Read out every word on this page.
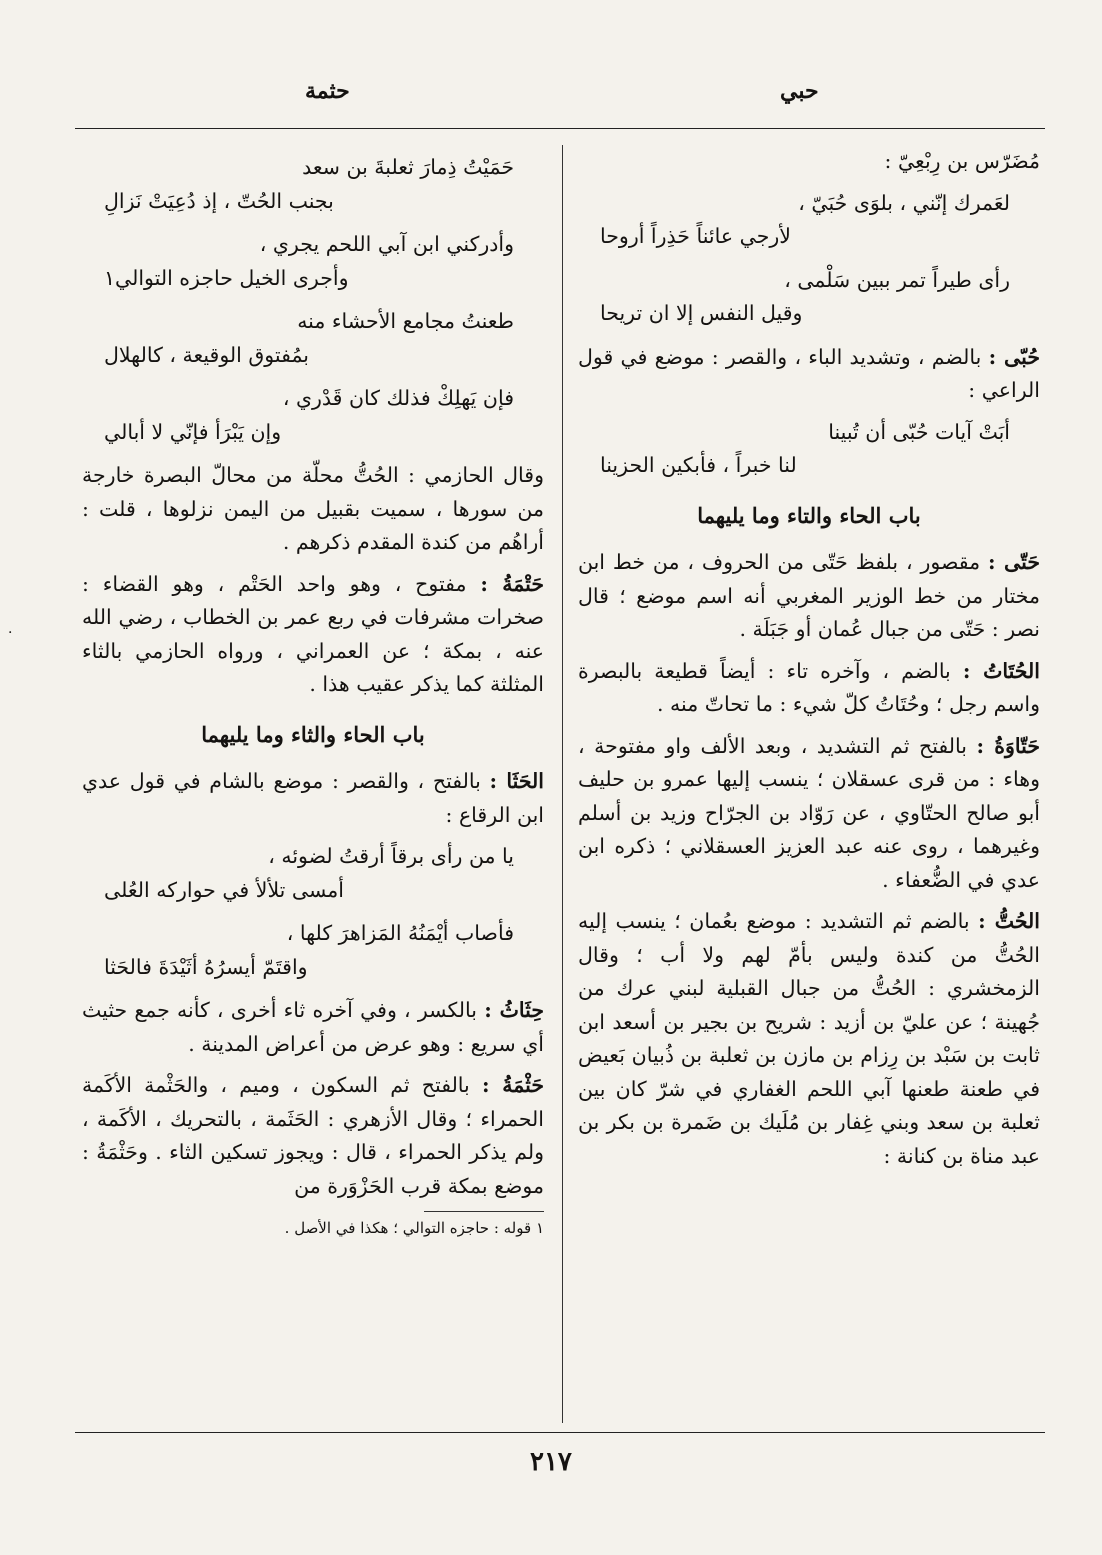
حثمة	حبي

مُضَرّس بن رِبْعِيّ :

لعَمرك إنّني ، بلوَى حُبَيّ ،
لأرجي عائناً حَذِراً أروحا
رأى طيراً تمر ببين سَلْمى ،
وقيل النفس إلا ان تريحا

حُبّى : بالضم ، وتشديد الباء ، والقصر : موضع في قول الراعي :

أبَتْ آيات حُبّى أن تُبينا
لنا خبراً ، فأبكين الحزينا
باب الحاء والتاء وما يليهما

حَتّى : مقصور ، بلفظ حَتّى من الحروف ، من خط ابن مختار من خط الوزير المغربي أنه اسم موضع ؛ قال نصر : حَتّى من جبال عُمان أو جَبَلَة .

الحُتَاتُ : بالضم ، وآخره تاء : أيضاً قطيعة بالبصرة واسم رجل ؛ وحُتَاتُ كلّ شيء : ما تحاتّ منه .

حَتّاوَةُ : بالفتح ثم التشديد ، وبعد الألف واو مفتوحة ، وهاء : من قرى عسقلان ؛ ينسب إليها عمرو بن حليف أبو صالح الحتّاوي ، عن رَوّاد بن الجرّاح وزيد بن أسلم وغيرهما ، روى عنه عبد العزيز العسقلاني ؛ ذكره ابن عدي في الضُّعفاء .

الحُتُّ : بالضم ثم التشديد : موضع بعُمان ؛ ينسب إليه الحُتُّ من كندة وليس بأمّ لهم ولا أب ؛ وقال الزمخشري : الحُتُّ من جبال القبلية لبني عرك من جُهينة ؛ عن عليّ بن أزيد : شريح بن بجير بن أسعد ابن ثابت بن سَبْد بن رِزام بن مازن بن ثعلبة بن ذُبيان بَعيض في طعنة طعنها آبي اللحم الغفاري في شرّ كان بين ثعلبة بن سعد وبني غِفار بن مُلَيك بن ضَمرة بن بكر بن عبد مناة بن كنانة :

حَمَيْتُ ذِمارَ ثعلبةَ بن سعد
بجنب الحُتّ ، إذ دُعِيَتْ نَزالِ
وأدركني ابن آبي اللحم يجري ،
وأجرى الخيل حاجزه التوالي١
طعنتُ مجامع الأحشاء منه
بمُفتوق الوقيعة ، كالهلال
فإن يَهلِكْ فذلك كان قَدْري ،
وإن يَبْرَأ فإنّي لا أبالي

وقال الحازمي : الحُتُّ محلّة من محالّ البصرة خارجة من سورها ، سميت بقبيل من اليمن نزلوها ، قلت : أراهُم من كندة المقدم ذكرهم .

حَتْمَةُ : مفتوح ، وهو واحد الحَتْم ، وهو القضاء : صخرات مشرفات في ربع عمر بن الخطاب ، رضي الله عنه ، بمكة ؛ عن العمراني ، ورواه الحازمي بالثاء المثلثة كما يذكر عقيب هذا .

باب الحاء والثاء وما يليهما

الحَثَا : بالفتح ، والقصر : موضع بالشام في قول عدي ابن الرقاع :

يا من رأى برقاً أرقتُ لضوئه ،
أمسى تلألأ في حواركه العُلى
فأصاب أيْمَنُهُ المَزاهرَ كلها ،
واقتَمّ أيسرُهُ أثَيْدَةَ فالحَثا

حِثَاثُ : بالكسر ، وفي آخره ثاء أخرى ، كأنه جمع حثيث أي سريع : وهو عرض من أعراض المدينة .

حَثْمَةُ : بالفتح ثم السكون ، وميم ، والحَثْمة الأكَمة الحمراء ؛ وقال الأزهري : الحَثَمة ، بالتحريك ، الأكَمة ، ولم يذكر الحمراء ، قال : ويجوز تسكين الثاء . وحَثْمَةُ : موضع بمكة قرب الحَزْوَرة من

١ قوله : حاجزه التوالي ؛ هكذا في الأصل .
٢١٧
·
